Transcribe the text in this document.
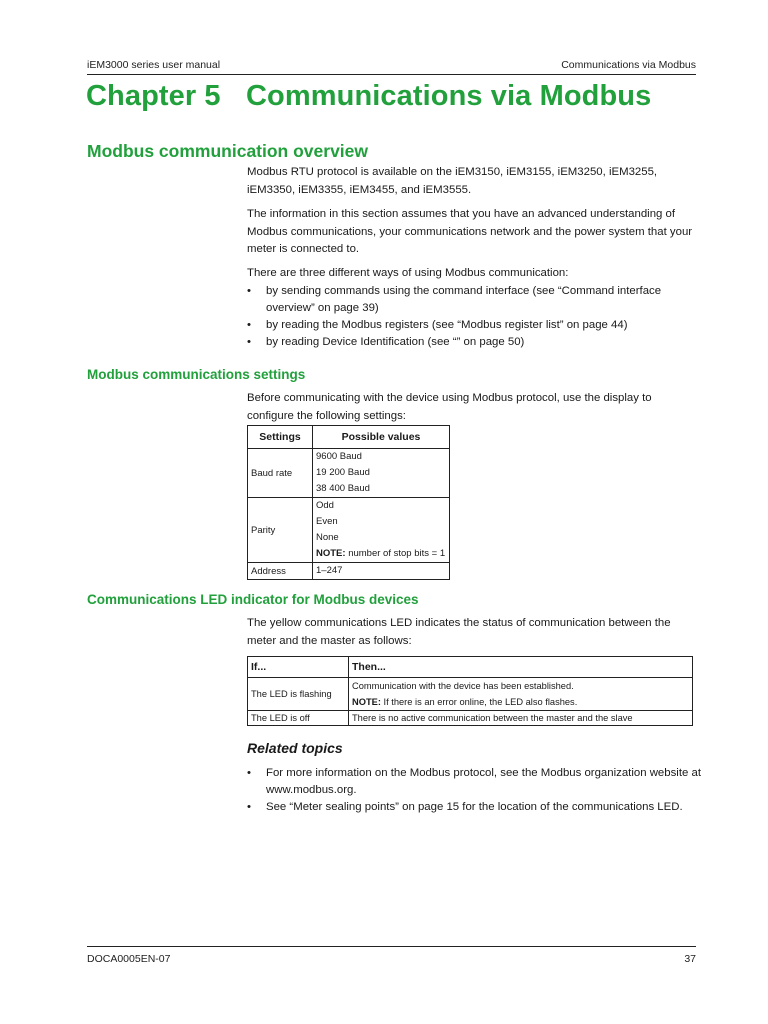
iEM3000 series user manual	Communications via Modbus
Chapter 5 Communications via Modbus
Modbus communication overview
Modbus RTU protocol is available on the iEM3150, iEM3155, iEM3250, iEM3255, iEM3350, iEM3355, iEM3455, and iEM3555.
The information in this section assumes that you have an advanced understanding of Modbus communications, your communications network and the power system that your meter is connected to.
There are three different ways of using Modbus communication:
• by sending commands using the command interface (see “Command interface overview” on page 39)
• by reading the Modbus registers (see “Modbus register list” on page 44)
• by reading Device Identification (see “” on page 50)
Modbus communications settings
Before communicating with the device using Modbus protocol, use the display to configure the following settings:
Settings	Possible values
Baud rate	9600 Baud
19 200 Baud
38 400 Baud

Parity	Odd
Even
None
NOTE: number of stop bits = 1

Address	1–247
Communications LED indicator for Modbus devices
The yellow communications LED indicates the status of communication between the meter and the master as follows:
If...	Then...
The LED is flashing	Communication with the device has been established.
NOTE: If there is an error online, the LED also flashes.

The LED is off	There is no active communication between the master and the slave
Related topics
• For more information on the Modbus protocol, see the Modbus organization website at www.modbus.org.
• See “Meter sealing points” on page 15 for the location of the communications LED.
DOCA0005EN-07	37
